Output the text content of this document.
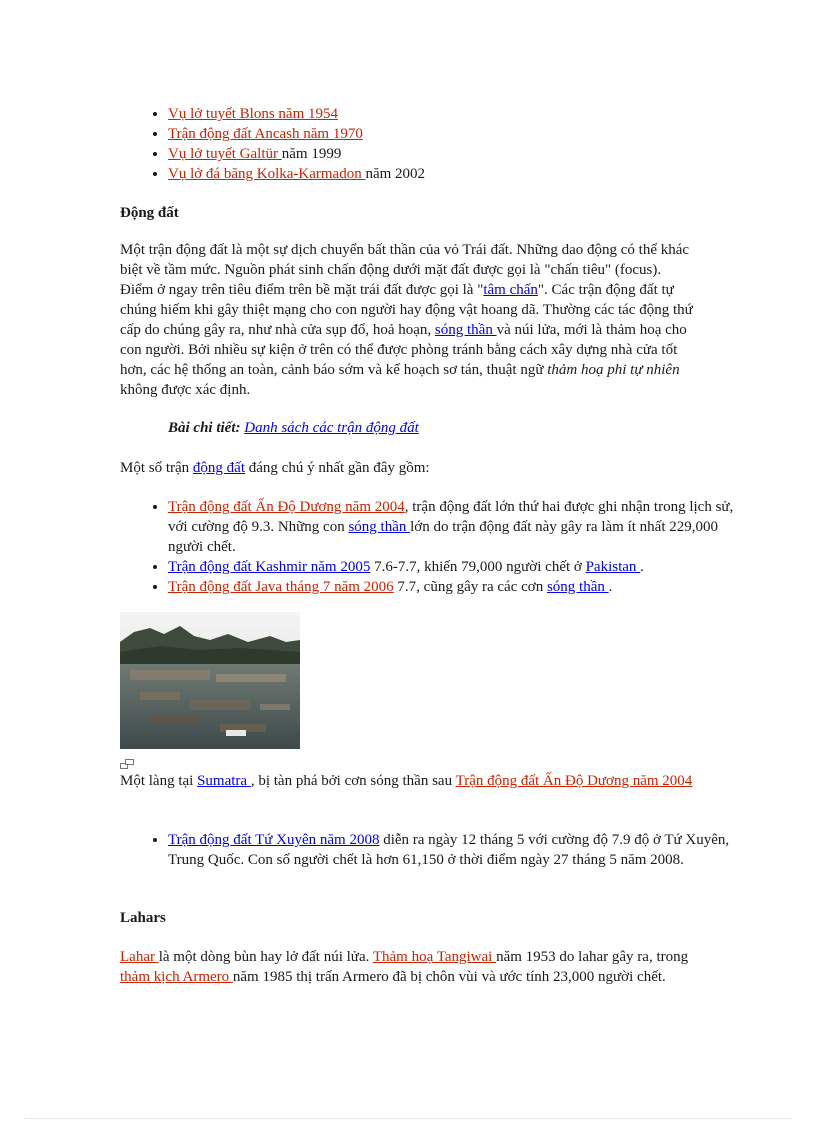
• Vụ lở tuyết Blons năm 1954
• Trận động đất Ancash năm 1970
• Vụ lở tuyết Galtür năm 1999
• Vụ lở đá băng Kolka-Karmadon năm 2002
Động đất

Một trận động đất là một sự dịch chuyển bất thần của vỏ Trái đất. Những dao động có thể khác biệt về tầm mức. Nguồn phát sinh chấn động dưới mặt đất được gọi là "chấn tiêu" (focus). Điểm ở ngay trên tiêu điểm trên bề mặt trái đất được gọi là "tâm chấn". Các trận động đất tự chúng hiếm khi gây thiệt mạng cho con người hay động vật hoang dã. Thường các tác động thứ cấp do chúng gây ra, như nhà cửa sụp đổ, hoả hoạn, sóng thần và núi lửa, mới là thảm hoạ cho con người. Bởi nhiều sự kiện ở trên có thể được phòng tránh bằng cách xây dựng nhà cửa tốt hơn, các hệ thống an toàn, cảnh báo sớm và kế hoạch sơ tán, thuật ngữ thảm hoạ phi tự nhiên không được xác định.

Bài chi tiết: Danh sách các trận động đất

Một số trận động đất đáng chú ý nhất gần đây gồm:

• Trận động đất Ấn Độ Dương năm 2004, trận động đất lớn thứ hai được ghi nhận trong lịch sử, với cường độ 9.3. Những con sóng thần lớn do trận động đất này gây ra làm ít nhất 229,000 người chết.
• Trận động đất Kashmir năm 2005 7.6-7.7, khiến 79,000 người chết ở Pakistan .
• Trận động đất Java tháng 7 năm 2006 7.7, cũng gây ra các cơn sóng thần .

Một làng tại Sumatra , bị tàn phá bởi cơn sóng thần sau Trận động đất Ấn Độ Dương năm 2004

• Trận động đất Tứ Xuyên năm 2008 diễn ra ngày 12 tháng 5 với cường độ 7.9 độ ở Tứ Xuyên, Trung Quốc. Con số người chết là hơn 61,150 ở thời điểm ngày 27 tháng 5 năm 2008.
Lahars

Lahar là một dòng bùn hay lở đất núi lửa. Thảm hoạ Tangiwai năm 1953 do lahar gây ra, trong thảm kịch Armero năm 1985 thị trấn Armero đã bị chôn vùi và ước tính 23,000 người chết.
